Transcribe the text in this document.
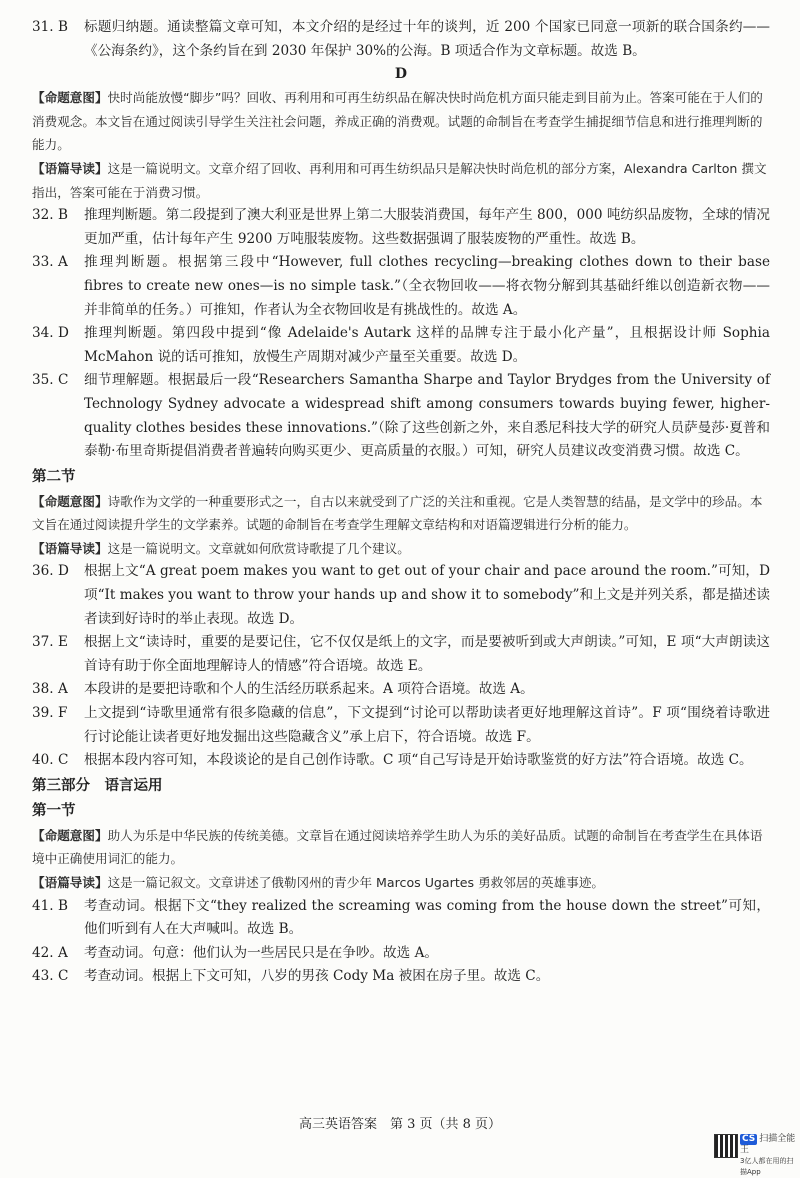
31. B	标题归纳题。通读整篇文章可知，本文介绍的是经过十年的谈判，近 200 个国家已同意一项新的联合国条约——《公海条约》，这个条约旨在到 2030 年保护 30%的公海。B 项适合作为文章标题。故选 B。
D

【命题意图】快时尚能放慢“脚步”吗？回收、再利用和可再生纺织品在解决快时尚危机方面只能走到目前为止。答案可能在于人们的消费观念。本文旨在通过阅读引导学生关注社会问题，养成正确的消费观。试题的命制旨在考查学生捕捉细节信息和进行推理判断的能力。

【语篇导读】这是一篇说明文。文章介绍了回收、再利用和可再生纺织品只是解决快时尚危机的部分方案，Alexandra Carlton 撰文指出，答案可能在于消费习惯。

32. B	推理判断题。第二段提到了澳大利亚是世界上第二大服装消费国，每年产生 800，000 吨纺织品废物，全球的情况更加严重，估计每年产生 9200 万吨服装废物。这些数据强调了服装废物的严重性。故选 B。
33. A	推理判断题。根据第三段中“However, full clothes recycling—breaking clothes down to their base fibres to create new ones—is no simple task.”（全衣物回收——将衣物分解到其基础纤维以创造新衣物——并非简单的任务。）可推知，作者认为全衣物回收是有挑战性的。故选 A。
34. D	推理判断题。第四段中提到“像 Adelaide's Autark 这样的品牌专注于最小化产量”，且根据设计师 Sophia McMahon 说的话可推知，放慢生产周期对减少产量至关重要。故选 D。
35. C	细节理解题。根据最后一段“Researchers Samantha Sharpe and Taylor Brydges from the University of Technology Sydney advocate a widespread shift among consumers towards buying fewer, higher-quality clothes besides these innovations.”（除了这些创新之外，来自悉尼科技大学的研究人员萨曼莎·夏普和泰勒·布里奇斯提倡消费者普遍转向购买更少、更高质量的衣服。）可知，研究人员建议改变消费习惯。故选 C。
第二节

【命题意图】诗歌作为文学的一种重要形式之一，自古以来就受到了广泛的关注和重视。它是人类智慧的结晶，是文学中的珍品。本文旨在通过阅读提升学生的文学素养。试题的命制旨在考查学生理解文章结构和对语篇逻辑进行分析的能力。

【语篇导读】这是一篇说明文。文章就如何欣赏诗歌提了几个建议。

36. D	根据上文“A great poem makes you want to get out of your chair and pace around the room.”可知，D 项“It makes you want to throw your hands up and show it to somebody”和上文是并列关系，都是描述读者读到好诗时的举止表现。故选 D。
37. E	根据上文“读诗时，重要的是要记住，它不仅仅是纸上的文字，而是要被听到或大声朗读。”可知，E 项“大声朗读这首诗有助于你全面地理解诗人的情感”符合语境。故选 E。
38. A	本段讲的是要把诗歌和个人的生活经历联系起来。A 项符合语境。故选 A。
39. F	上文提到“诗歌里通常有很多隐藏的信息”，下文提到“讨论可以帮助读者更好地理解这首诗”。F 项“围绕着诗歌进行讨论能让读者更好地发掘出这些隐藏含义”承上启下，符合语境。故选 F。
40. C	根据本段内容可知，本段谈论的是自己创作诗歌。C 项“自己写诗是开始诗歌鉴赏的好方法”符合语境。故选 C。
第三部分　语言运用
第一节

【命题意图】助人为乐是中华民族的传统美德。文章旨在通过阅读培养学生助人为乐的美好品质。试题的命制旨在考查学生在具体语境中正确使用词汇的能力。

【语篇导读】这是一篇记叙文。文章讲述了俄勒冈州的青少年 Marcos Ugartes 勇救邻居的英雄事迹。

41. B	考查动词。根据下文“they realized the screaming was coming from the house down the street”可知，他们听到有人在大声喊叫。故选 B。
42. A	考查动词。句意：他们认为一些居民只是在争吵。故选 A。
43. C	考查动词。根据上下文可知，八岁的男孩 Cody Ma 被困在房子里。故选 C。
高三英语答案　第 3 页（共 8 页）
CS 扫描全能王
3亿人都在用的扫描App
